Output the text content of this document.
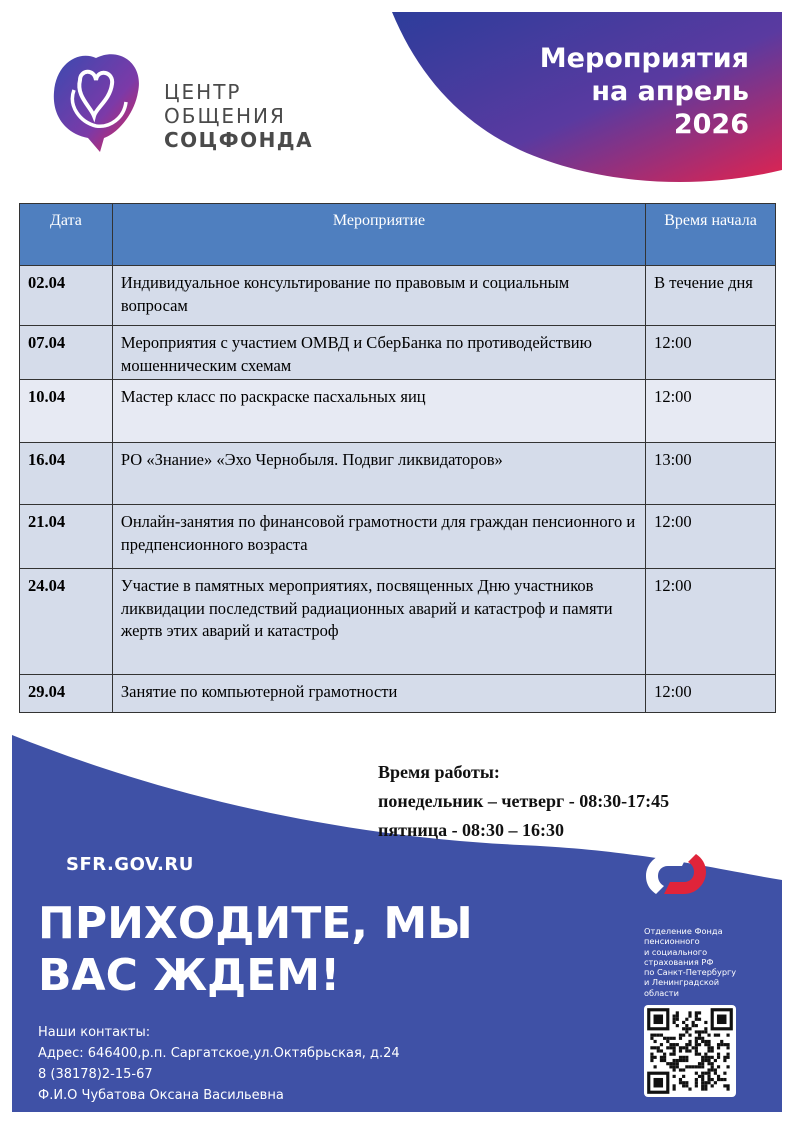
Мероприятия
на апрель
2026
ЦЕНТР
ОБЩЕНИЯ
СОЦФОНДА
Дата	Мероприятие	Время начала
02.04	Индивидуальное консультирование по правовым и социальным вопросам	В течение дня
07.04	Мероприятия с участием ОМВД и СберБанка по противодействию мошенническим схемам	12:00
10.04	Мастер класс по раскраске пасхальных яиц	12:00
16.04	РО «Знание» «Эхо Чернобыля. Подвиг ликвидаторов»	13:00
21.04	Онлайн-занятия по финансовой грамотности для граждан пенсионного и предпенсионного возраста	12:00
24.04	Участие в памятных мероприятиях, посвященных Дню участников ликвидации последствий радиационных аварий и катастроф и памяти жертв этих аварий и катастроф	12:00
29.04	Занятие по компьютерной грамотности	12:00
Время работы:
понедельник – четверг - 08:30-17:45
пятница - 08:30 – 16:30
SFR.GOV.RU
ПРИХОДИТЕ, МЫ
ВАС ЖДЕМ!
Наши контакты:
Адрес: 646400,р.п. Саргатское,ул.Октябрьская, д.24
8 (38178)2-15-67
Ф.И.О Чубатова Оксана Васильевна
Отделение Фонда
пенсионного
и социального
страхования РФ
по Санкт-Петербургу
и Ленинградской
области
